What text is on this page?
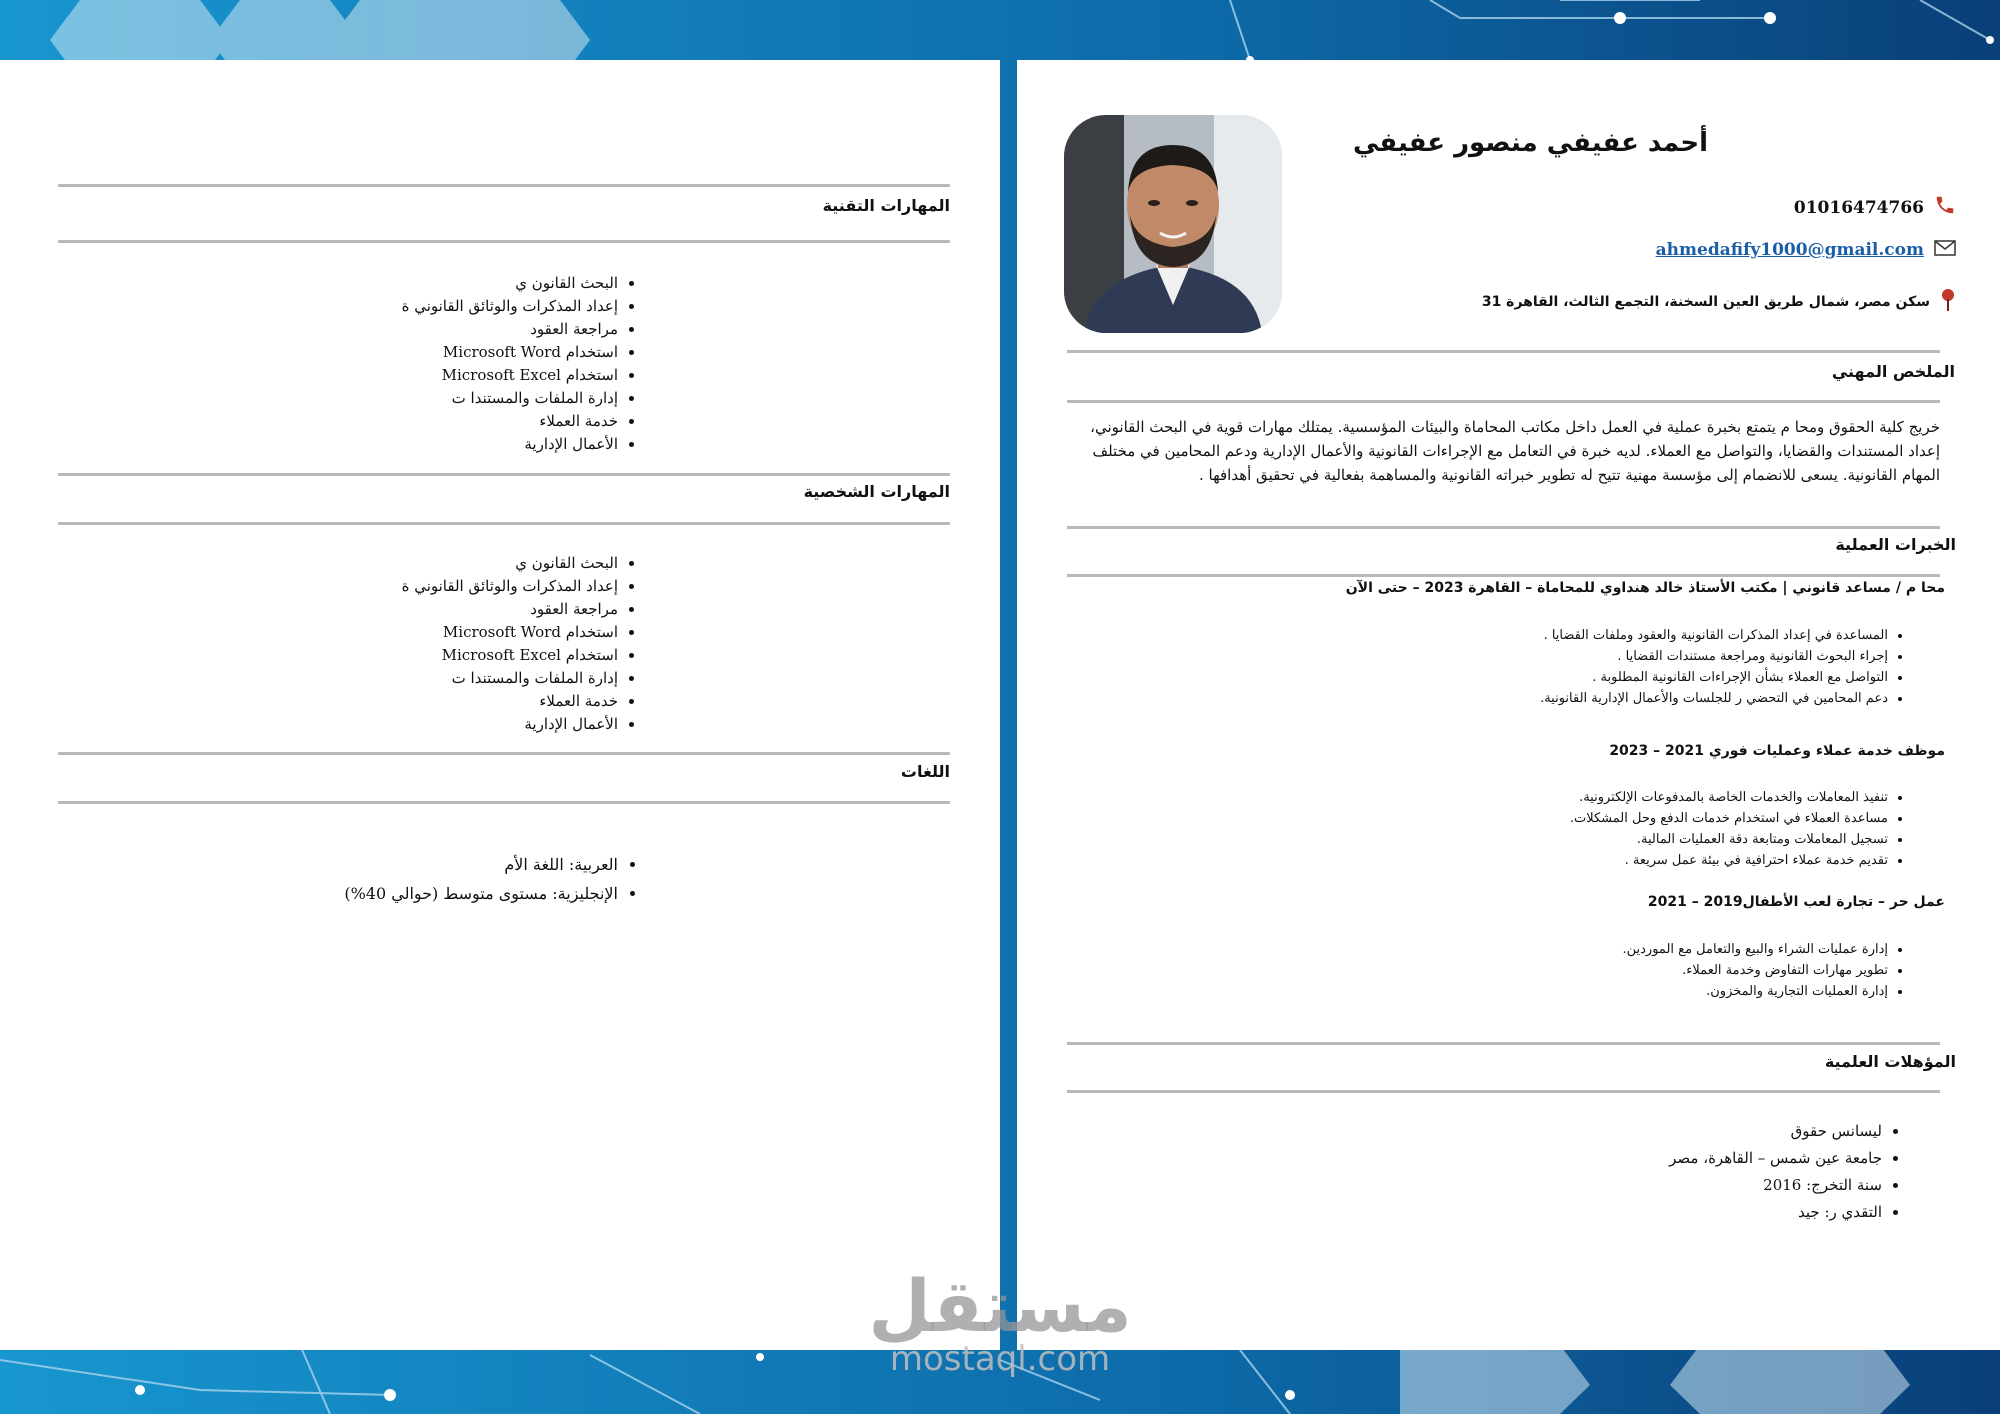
المهارات التقنية
• البحث القانون ي
• إعداد المذكرات والوثائق القانوني ة
• مراجعة العقود
• استخدام Microsoft Word
• استخدام Microsoft Excel
• إدارة الملفات والمستندا ت
• خدمة العملاء
• الأعمال الإدارية
المهارات الشخصية
• البحث القانون ي
• إعداد المذكرات والوثائق القانوني ة
• مراجعة العقود
• استخدام Microsoft Word
• استخدام Microsoft Excel
• إدارة الملفات والمستندا ت
• خدمة العملاء
• الأعمال الإدارية
اللغات
• العربية: اللغة الأم
• الإنجليزية: مستوى متوسط (حوالي 40%)
أحمد عفيفي منصور عفيفي
01016474766
ahmedafify1000@gmail.com
سكن مصر، شمال طريق العين السخنة، التجمع الثالث، القاهرة 31
الملخص المهني
خريج كلية الحقوق ومحا م يتمتع بخبرة عملية في العمل داخل مكاتب المحاماة والبيئات المؤسسية. يمتلك مهارات قوية في البحث القانوني، إعداد المستندات والقضايا، والتواصل مع العملاء. لديه خبرة في التعامل مع الإجراءات القانونية والأعمال الإدارية ودعم المحامين في مختلف المهام القانونية. يسعى للانضمام إلى مؤسسة مهنية تتيح له تطوير خبراته القانونية والمساهمة بفعالية في تحقيق أهدافها .
الخبرات العملية
محا م / مساعد قانوني | مكتب الأستاذ خالد هنداوي للمحاماة – القاهرة 2023 – حتى الآن
• المساعدة في إعداد المذكرات القانونية والعقود وملفات القضايا .
• إجراء البحوث القانونية ومراجعة مستندات القضايا .
• التواصل مع العملاء بشأن الإجراءات القانونية المطلوبة .
• دعم المحامين في التحضي ر للجلسات والأعمال الإدارية القانونية.
موظف خدمة عملاء وعمليات فوري 2021 – 2023
• تنفيذ المعاملات والخدمات الخاصة بالمدفوعات الإلكترونية.
• مساعدة العملاء في استخدام خدمات الدفع وحل المشكلات.
• تسجيل المعاملات ومتابعة دقة العمليات المالية.
• تقديم خدمة عملاء احترافية في بيئة عمل سريعة .
عمل حر – تجارة لعب الأطفال2019 – 2021
• إدارة عمليات الشراء والبيع والتعامل مع الموردين.
• تطوير مهارات التفاوض وخدمة العملاء.
• إدارة العمليات التجارية والمخزون.
المؤهلات العلمية
• ليسانس حقوق
• جامعة عين شمس – القاهرة، مصر
• سنة التخرج: 2016
• التقدي ر: جيد
مستقل
mostaql.com
